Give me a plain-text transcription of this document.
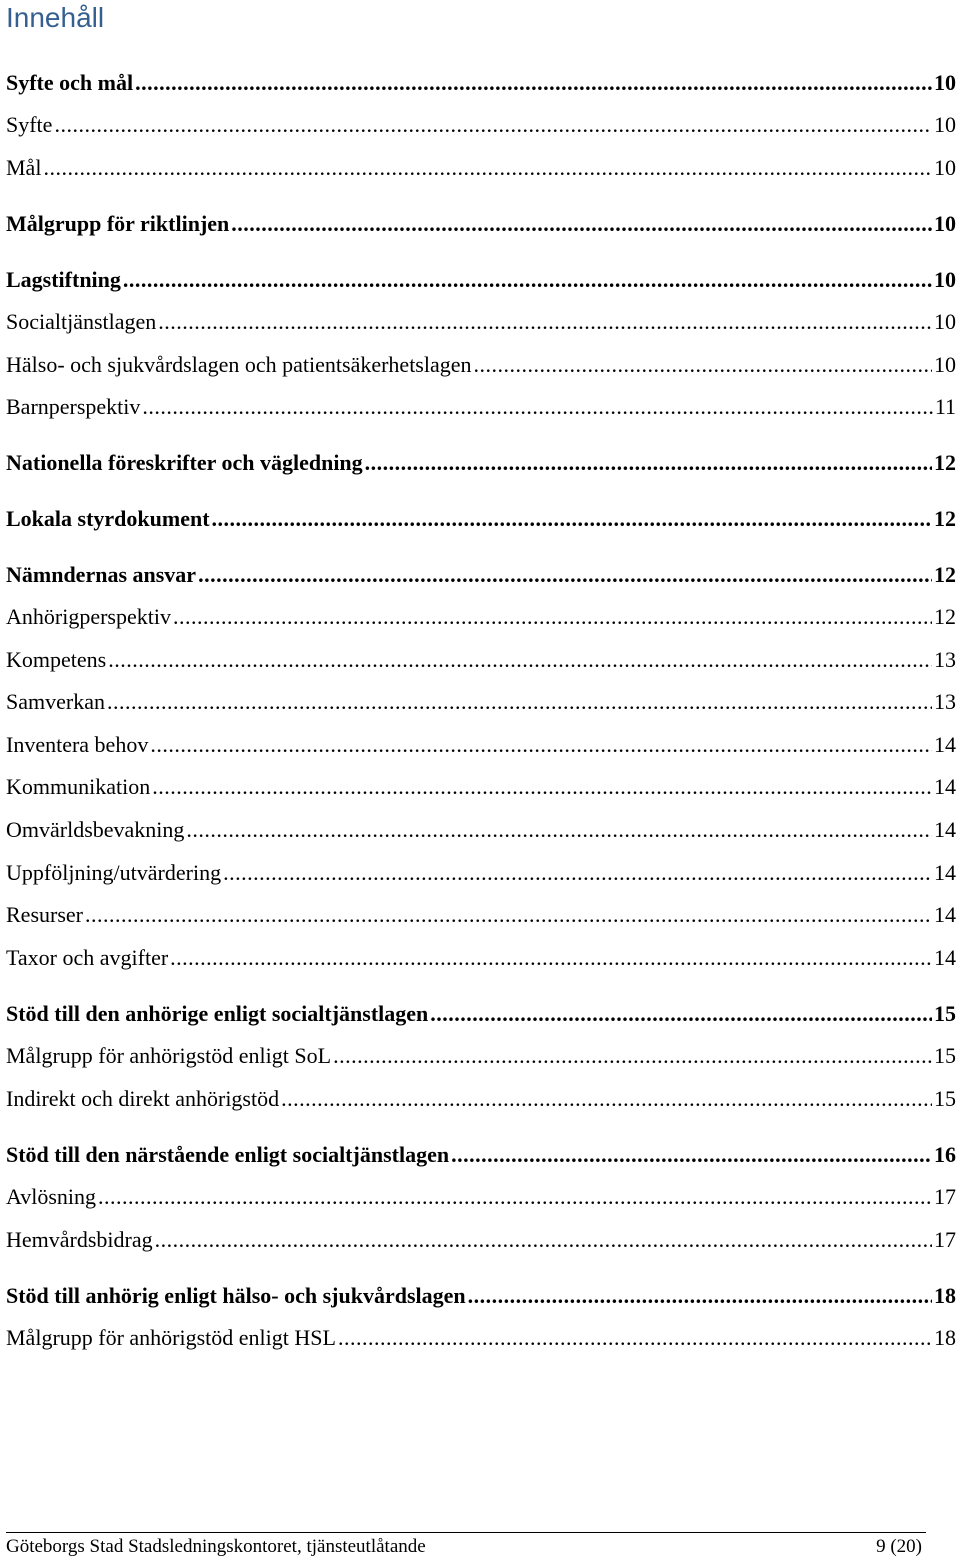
Innehåll
Syfte och mål .....	10
Syfte .....	10
Mål .....	10
Målgrupp för riktlinjen .....	10
Lagstiftning .....	10
Socialtjänstlagen .....	10
Hälso- och sjukvårdslagen och patientsäkerhetslagen .....	10
Barnperspektiv .....	11
Nationella föreskrifter och vägledning .....	12
Lokala styrdokument .....	12
Nämndernas ansvar .....	12
Anhörigperspektiv .....	12
Kompetens .....	13
Samverkan .....	13
Inventera behov .....	14
Kommunikation .....	14
Omvärldsbevakning .....	14
Uppföljning/utvärdering .....	14
Resurser .....	14
Taxor och avgifter .....	14
Stöd till den anhörige enligt socialtjänstlagen .....	15
Målgrupp för anhörigstöd enligt SoL .....	15
Indirekt och direkt anhörigstöd .....	15
Stöd till den närstående enligt socialtjänstlagen .....	16
Avlösning .....	17
Hemvårdsbidrag .....	17
Stöd till anhörig enligt hälso- och sjukvårdslagen .....	18
Målgrupp för anhörigstöd enligt HSL .....	18
Göteborgs Stad Stadsledningskontoret, tjänsteutlåtande	9 (20)
